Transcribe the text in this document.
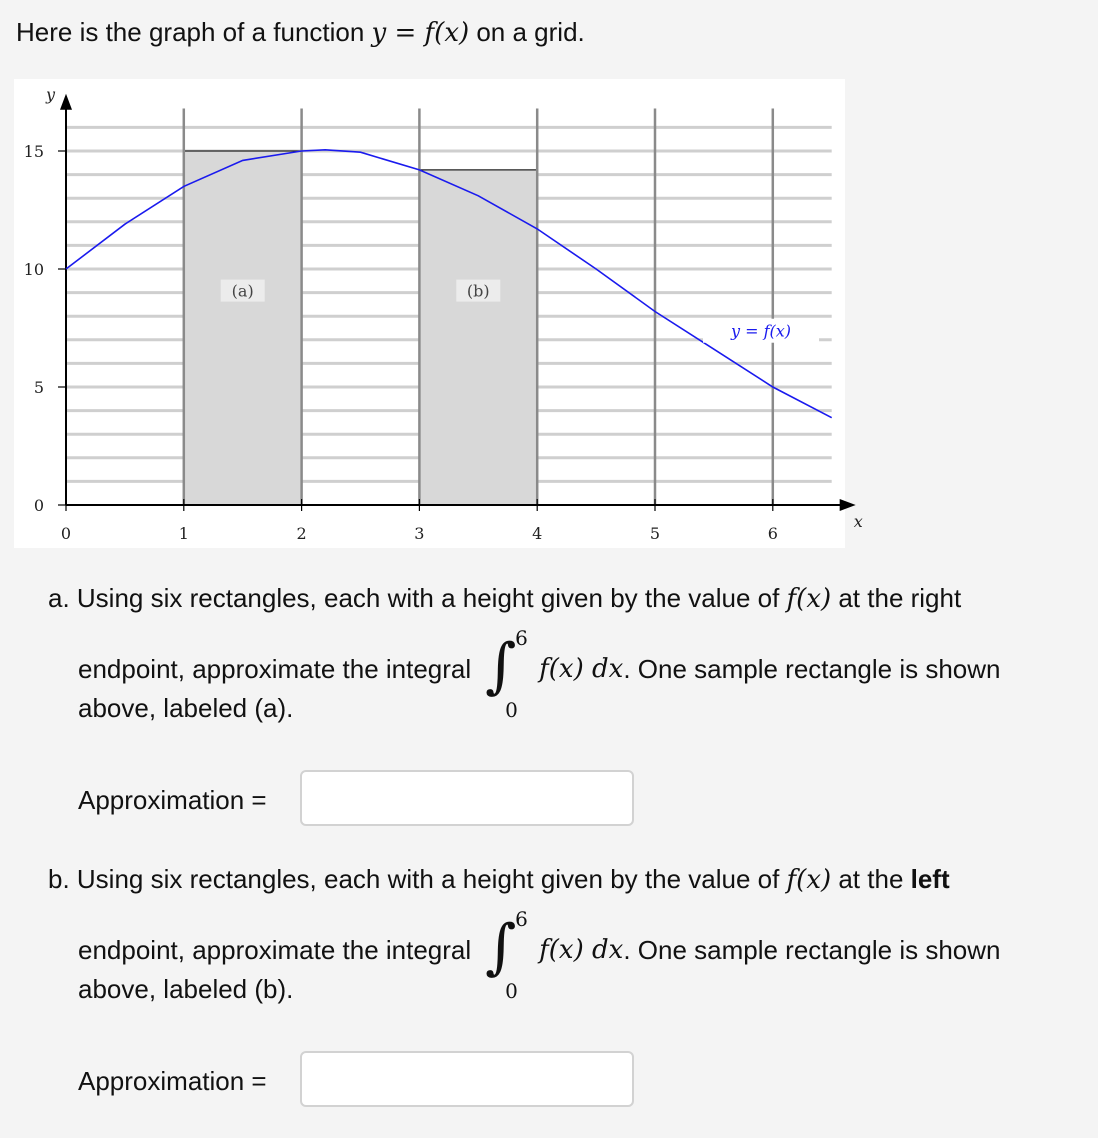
Here is the graph of a function y = f(x) on a grid.
(a)	(b)
0	1	2	3	4	5	6
0
5
10
15
x
y
y = f(x)
a. Using six rectangles, each with a height given by the value of f(x) at the right
endpoint, approximate the integral ∫
6
0
f(x) dx . One sample rectangle is shown
above, labeled (a).
Approximation =
b. Using six rectangles, each with a height given by the value of f(x) at the left
endpoint, approximate the integral ∫
6
0
f(x) dx . One sample rectangle is shown
above, labeled (b).
Approximation =
